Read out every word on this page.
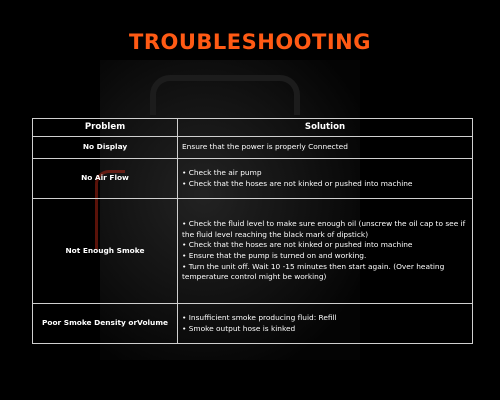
TROUBLESHOOTING
Problem	Solution
No Display	Ensure that the power is properly Connected

No Air Flow	• Check the air pump
• Check that the hoses are not kinked or pushed into machine

Not Enough Smoke	• Check the fluid level to make sure enough oil (unscrew the oil cap to see if the fluid level reaching the black mark of dipstick)
• Check that the hoses are not kinked or pushed into machine
• Ensure that the pump is turned on and working.
• Turn the unit off. Wait 10 -15 minutes then start again. (Over heating temperature control might be working)

Poor Smoke Density orVolume	• Insufficient smoke producing fluid: Refill
• Smoke output hose is kinked
